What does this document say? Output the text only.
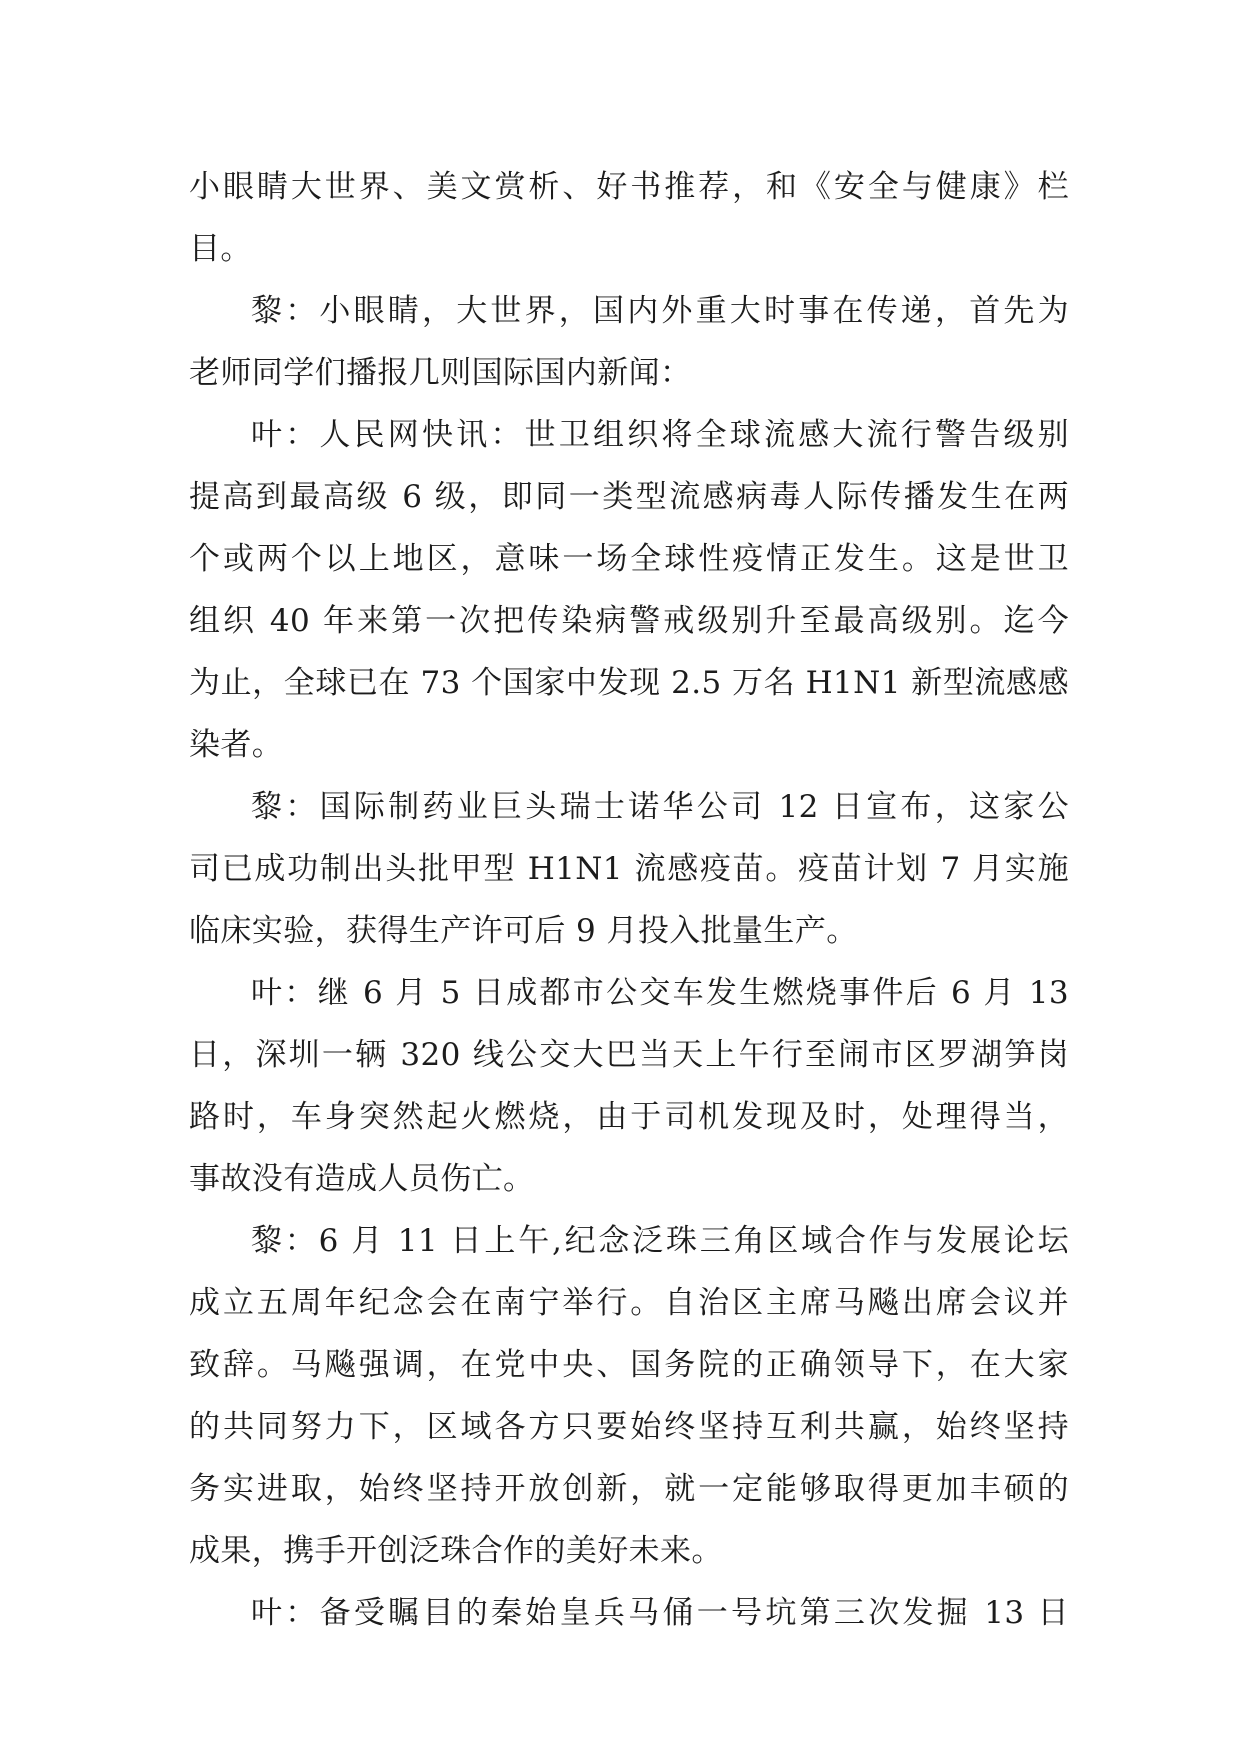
小眼睛大世界、美文赏析、好书推荐，和《安全与健康》栏
目。
黎：小眼睛，大世界，国内外重大时事在传递，首先为
老师同学们播报几则国际国内新闻：
叶：人民网快讯：世卫组织将全球流感大流行警告级别
提高到最高级 6 级，即同一类型流感病毒人际传播发生在两
个或两个以上地区，意味一场全球性疫情正发生。这是世卫
组织 40 年来第一次把传染病警戒级别升至最高级别。迄今
为止，全球已在 73 个国家中发现 2.5 万名 H1N1 新型流感感
染者。
黎：国际制药业巨头瑞士诺华公司 12 日宣布，这家公
司已成功制出头批甲型 H1N1 流感疫苗。疫苗计划 7 月实施
临床实验，获得生产许可后 9 月投入批量生产。
叶：继 6 月 5 日成都市公交车发生燃烧事件后 6 月 13
日，深圳一辆 320 线公交大巴当天上午行至闹市区罗湖笋岗
路时，车身突然起火燃烧，由于司机发现及时，处理得当，
事故没有造成人员伤亡。
黎：6 月 11 日上午,纪念泛珠三角区域合作与发展论坛
成立五周年纪念会在南宁举行。自治区主席马飚出席会议并
致辞。马飚强调，在党中央、国务院的正确领导下，在大家
的共同努力下，区域各方只要始终坚持互利共赢，始终坚持
务实进取，始终坚持开放创新，就一定能够取得更加丰硕的
成果，携手开创泛珠合作的美好未来。
叶：备受瞩目的秦始皇兵马俑一号坑第三次发掘 13 日
